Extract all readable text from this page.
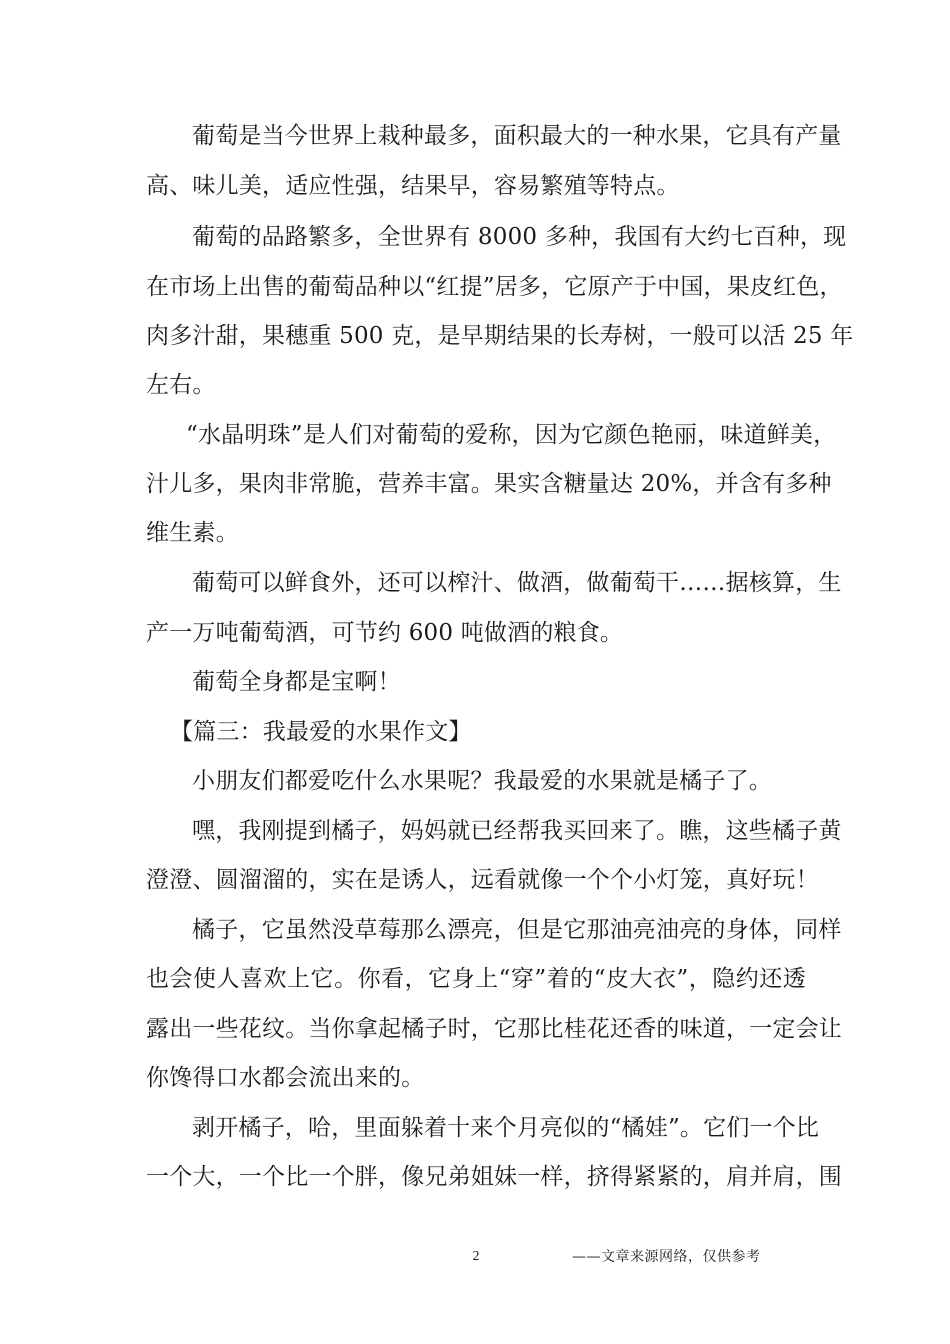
葡萄是当今世界上栽种最多，面积最大的一种水果，它具有产量
高、味儿美，适应性强，结果早，容易繁殖等特点。
葡萄的品路繁多，全世界有 8000 多种，我国有大约七百种，现
在市场上出售的葡萄品种以“红提”居多，它原产于中国，果皮红色，
肉多汁甜，果穗重 500 克，是早期结果的长寿树，一般可以活 25 年
左右。
“水晶明珠”是人们对葡萄的爱称，因为它颜色艳丽，味道鲜美，
汁儿多，果肉非常脆，营养丰富。果实含糖量达 20%，并含有多种
维生素。
葡萄可以鲜食外，还可以榨汁、做酒，做葡萄干……据核算，生
产一万吨葡萄酒，可节约 600 吨做酒的粮食。
葡萄全身都是宝啊！
【篇三：我最爱的水果作文】
小朋友们都爱吃什么水果呢？我最爱的水果就是橘子了。
嘿，我刚提到橘子，妈妈就已经帮我买回来了。瞧，这些橘子黄
澄澄、圆溜溜的，实在是诱人，远看就像一个个小灯笼，真好玩！
橘子，它虽然没草莓那么漂亮，但是它那油亮油亮的身体，同样
也会使人喜欢上它。你看，它身上“穿”着的“皮大衣”，隐约还透
露出一些花纹。当你拿起橘子时，它那比桂花还香的味道，一定会让
你馋得口水都会流出来的。
剥开橘子，哈，里面躲着十来个月亮似的“橘娃”。它们一个比
一个大，一个比一个胖，像兄弟姐妹一样，挤得紧紧的，肩并肩，围
2	——文章来源网络，仅供参考
